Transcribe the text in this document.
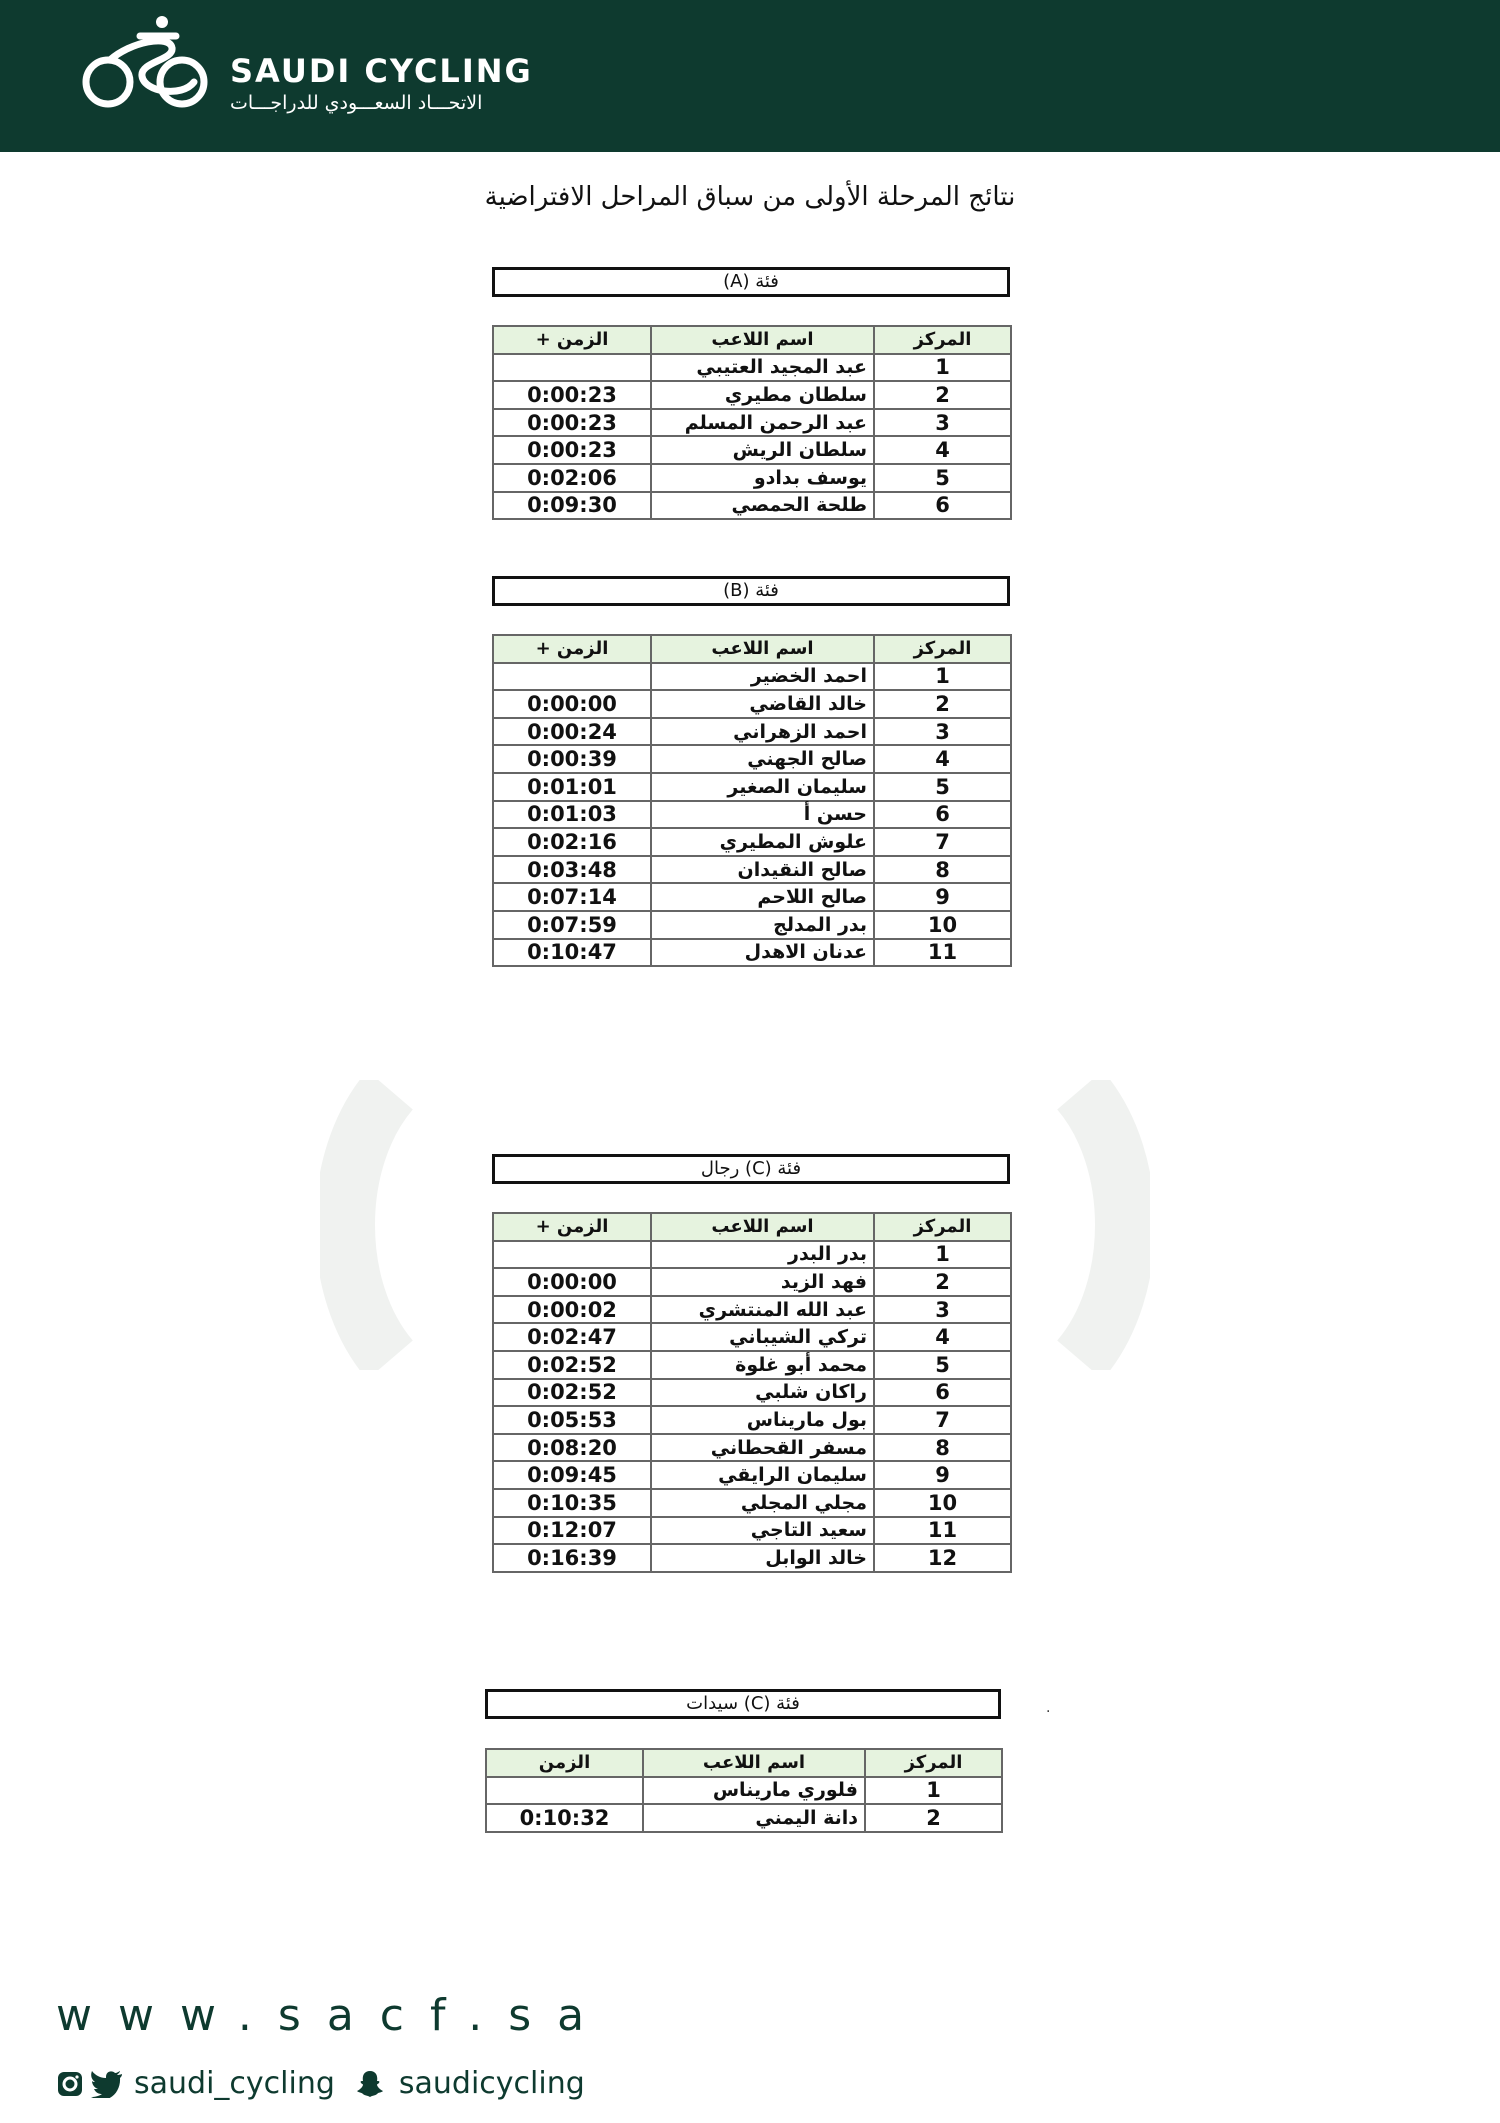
SAUDI CYCLING
الاتحـــاد السعـــودي للدراجـــات
نتائج المرحلة الأولى من سباق المراحل الافتراضية
فئة (A)
فئة (B)
فئة (C) رجال
فئة (C) سيدات	.
المركز	اسم اللاعب	الزمن +
1	عبد المجيد العتيبي	
2	سلطان مطيري	0:00:23
3	عبد الرحمن المسلم	0:00:23
4	سلطان الريش	0:00:23
5	يوسف بدادو	0:02:06
6	طلحة الحمصي	0:09:30
المركز	اسم اللاعب	الزمن +
1	احمد الخضير	
2	خالد القاضي	0:00:00
3	احمد الزهراني	0:00:24
4	صالح الجهني	0:00:39
5	سليمان الصغير	0:01:01
6	حسن أ	0:01:03
7	علوش المطيري	0:02:16
8	صالح النقيدان	0:03:48
9	صالح اللاحم	0:07:14
10	بدر المدلج	0:07:59
11	عدنان الاهدل	0:10:47
المركز	اسم اللاعب	الزمن +
1	بدر البدر	
2	فهد الزيد	0:00:00
3	عبد الله المنتشري	0:00:02
4	تركي الشيباني	0:02:47
5	محمد أبو غلوة	0:02:52
6	راكان شلبي	0:02:52
7	بول ماريناس	0:05:53
8	مسفر القحطاني	0:08:20
9	سليمان الرايقي	0:09:45
10	مجلي المجلي	0:10:35
11	سعيد التاجي	0:12:07
12	خالد الوابل	0:16:39
المركز	اسم اللاعب	الزمن
1	فلوري ماريناس	
2	دانة اليمني	0:10:32
www.sacf.sa
saudi_cycling saudicycling
